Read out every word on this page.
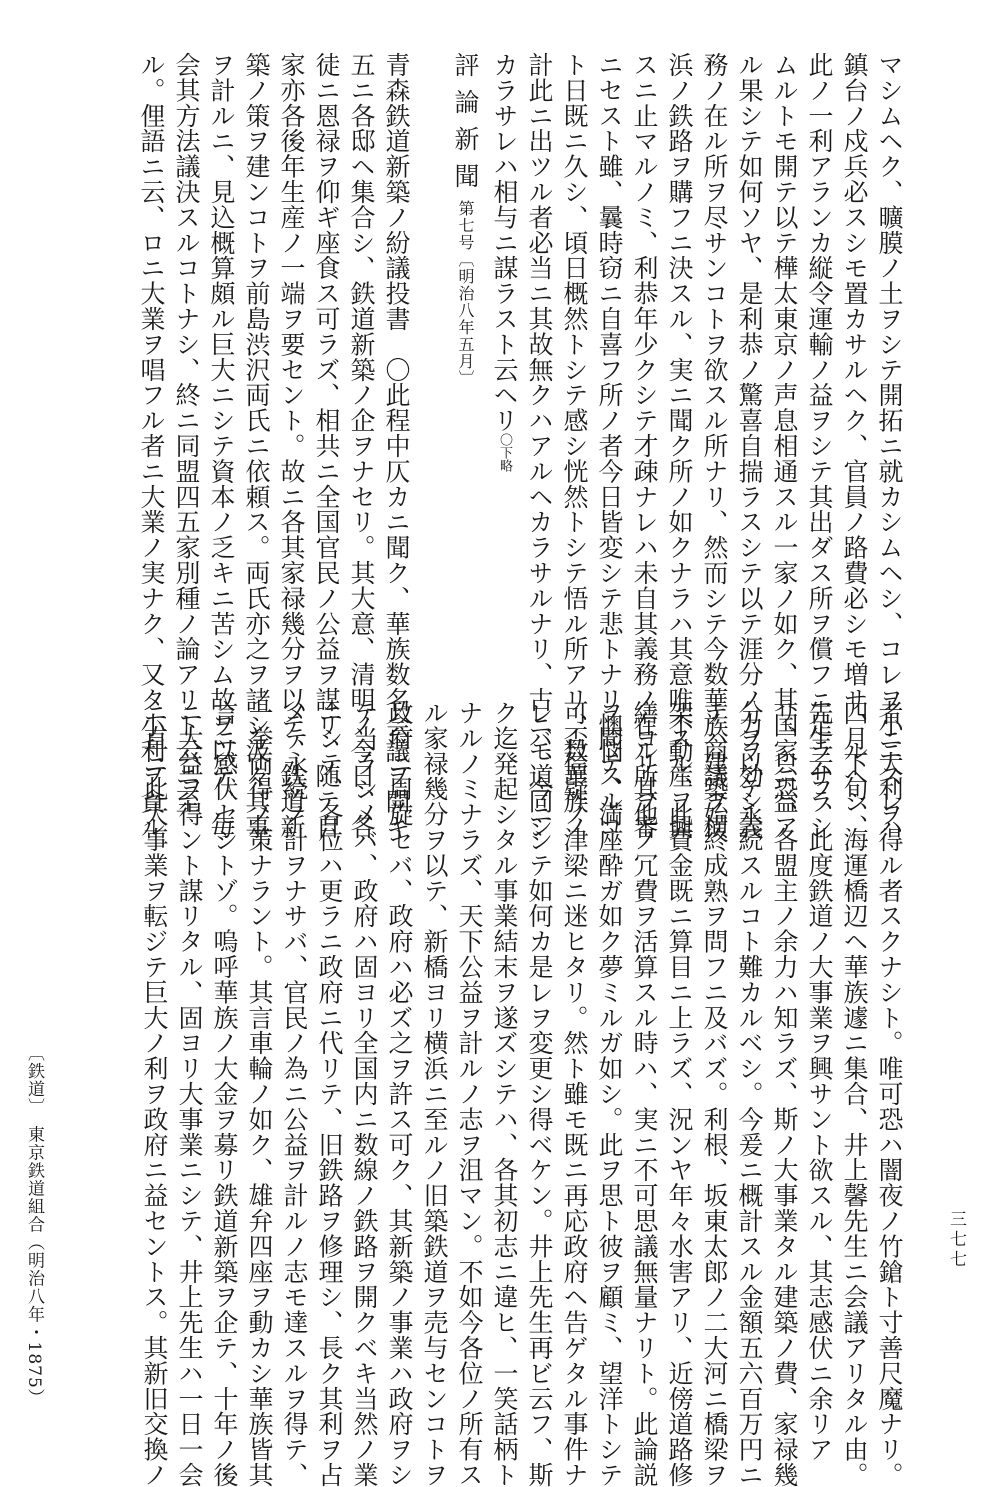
マシムヘク、曠膜ノ土ヲシテ開拓ニ就カシムヘシ、コレヲ小ニスレハ

鎮台ノ戍兵必スシモ置カサルヘク、官員ノ路費必シモ増サ、ルヘシ、

此ノ一利アランカ縦令運輸ノ益ヲシテ其出ダス所ヲ償フニ足ラサラシ

ムルトモ開テ以テ樺太東京ノ声息相通スル一家ノ如ク、其国家ニ益ア

ル果シテ如何ソヤ、是利恭ノ驚喜自揣ラスシテ以テ涯分ノ力ヲ効シ義

務ノ在ル所ヲ尽サンコトヲ欲スル所ナリ、然而シテ今数華族商議ヲ横

浜ノ鉄路ヲ購フニ決スル、実ニ聞ク所ノ如クナラハ其意唯不動産ヲ興

スニ止マルノミ、利恭年少クシテ才疎ナレハ未自其義務ノ在ル所ヲ審

ニセスト雖、曩時窃ニ自喜フ所ノ者今日皆変シテ悲トナリ懊悩スルコ

ト日既ニ久シ、頃日概然トシテ感シ恍然トシテ悟ル所アリ、数華族ノ

計此ニ出ツル者必当ニ其故無クハアルヘカラサルナリ、古ニモ道同シ

カラサレハ相与ニ謀ラスト云ヘリ〇下略

評論新聞第七号〔明治八年五月〕

青森鉄道新築ノ紛議投書　〇此程中仄カニ聞ク、華族数名会議ヲ開キ

五ニ各邸ヘ集合シ、鉄道新築ノ企ヲナセリ。其大意、清明ノ今日、各

徒ニ恩禄ヲ仰ギ座食ス可ラズ、相共ニ全国官民ノ公益ヲ謀リ、随テ自

家亦各後年生産ノ一端ヲ要セント。故ニ各其家禄幾分ヲ以テ、鉄道新

築ノ策ヲ建ンコトヲ前島渋沢両氏ニ依頼ス。両氏亦之ヲ諸シ汲々其事

ヲ計ルニ、見込概算頗ル巨大ニシテ資本ノ乏キニ苦シム故ヲ以テ、毎

会其方法議決スルコトナシ、終ニ同盟四五家別種ノ論アリト云ニ至

ル。俚語ニ云、ロニ大業ヲ唱フル者ニ大業ノ実ナク、又タ小利ヲ貪ル

者ニ大利ヲ得ル者スクナシト。唯可恐ハ闇夜ノ竹鎗ト寸善尺魔ナリ。

四月下旬、海運橋辺ヘ華族遽ニ集合、井上馨先生ニ会議アリタル由。

先生云フ、此度鉄道ノ大事業ヲ興サント欲スル、其志感伏ニ余リア

リ、只恐、各盟主ノ余力ハ知ラズ、斯ノ大事業タル建築ノ費、家禄幾

分ヲ以テ永続スルコト難カルベシ。今爰ニ概計スル金額五六百万円ニ

テハ建築始終成熟ヲ問フニ及バズ。利根、坂東太郎ノ二大河ニ橋梁ヲ

架スル、此費金既ニ算目ニ上ラズ、況ンヤ年々水害アリ、近傍道路修

繕ヨリ其他ノ冗費ヲ活算スル時ハ、実ニ不可思議無量ナリト。此論説

ヲ聞テ、満座酔ガ如ク夢ミルガ如シ。此ヲ思ト彼ヲ顧ミ、望洋トシテ

可否信疑ノ津梁ニ迷ヒタリ。然ト雖モ既ニ再応政府ヘ告ゲタル事件ナ

レバ、今ニシテ如何カ是レヲ変更シ得ベケン。井上先生再ビ云フ、斯

ク迄発起シタル事業結末ヲ遂ズシテハ、各其初志ニ違ヒ、一笑話柄ト

ナルノミナラズ、天下公益ヲ計ルノ志ヲ沮マン。不如今各位ノ所有ス

ル家禄幾分ヲ以テ、新橋ヨリ横浜ニ至ルノ旧築鉄道ヲ売与センコトヲ

政府ニ周旋セバ、政府ハ必ズ之ヲ許ス可ク、其新築ノ事業ハ政府ヲシ

テ当ラシメバ、政府ハ固ヨリ全国内ニ数線ノ鉄路ヲ開クベキ当然ノ業

ニシテ、各位ハ更ラニ政府ニ代リテ、旧鉄路ヲ修理シ、長ク其利ヲ占

メテ永続ノ計ヲナサバ、官民ノ為ニ公益ヲ計ルノ志モ達スルヲ得テ、

一挙両得ノ策ナラント。其言車輪ノ如ク、雄弁四座ヲ動カシ華族皆其

言ニ感伏セシトゾ。嗚呼華族ノ大金ヲ募リ鉄道新築ヲ企テ、十年ノ後

ニ大益ヲ得ント謀リタル、固ヨリ大事業ニシテ、井上先生ハ一日一会

ニ直ニ此大事業ヲ転ジテ巨大ノ利ヲ政府ニ益セントス。其新旧交換ノ

〔鉄道〕　東京鉄道組合（明治八年・1875）	三七七
